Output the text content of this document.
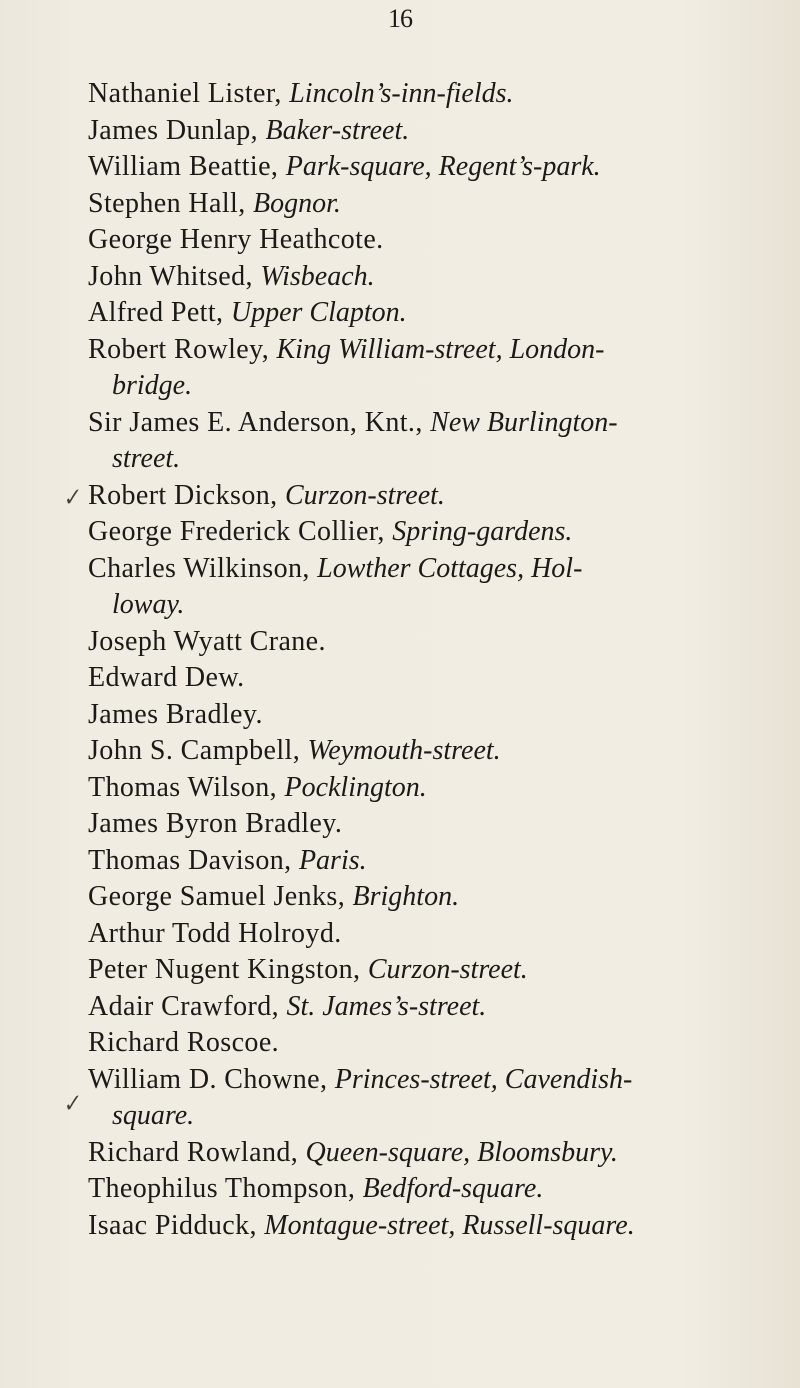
16
Nathaniel Lister, Lincoln’s-inn-fields.
James Dunlap, Baker-street.
William Beattie, Park-square, Regent’s-park.
Stephen Hall, Bognor.
George Henry Heathcote.
John Whitsed, Wisbeach.
Alfred Pett, Upper Clapton.
Robert Rowley, King William-street, London-
bridge.
Sir James E. Anderson, Knt., New Burlington-
street.
✓ Robert Dickson, Curzon-street.
George Frederick Collier, Spring-gardens.
Charles Wilkinson, Lowther Cottages, Hol-
loway.
Joseph Wyatt Crane.
Edward Dew.
James Bradley.
John S. Campbell, Weymouth-street.
Thomas Wilson, Pocklington.
James Byron Bradley.
Thomas Davison, Paris.
George Samuel Jenks, Brighton.
Arthur Todd Holroyd.
Peter Nugent Kingston, Curzon-street.
Adair Crawford, St. James’s-street.
Richard Roscoe.
✓
William D. Chowne, Princes-street, Cavendish-
square.
Richard Rowland, Queen-square, Bloomsbury.
Theophilus Thompson, Bedford-square.
Isaac Pidduck, Montague-street, Russell-square.
